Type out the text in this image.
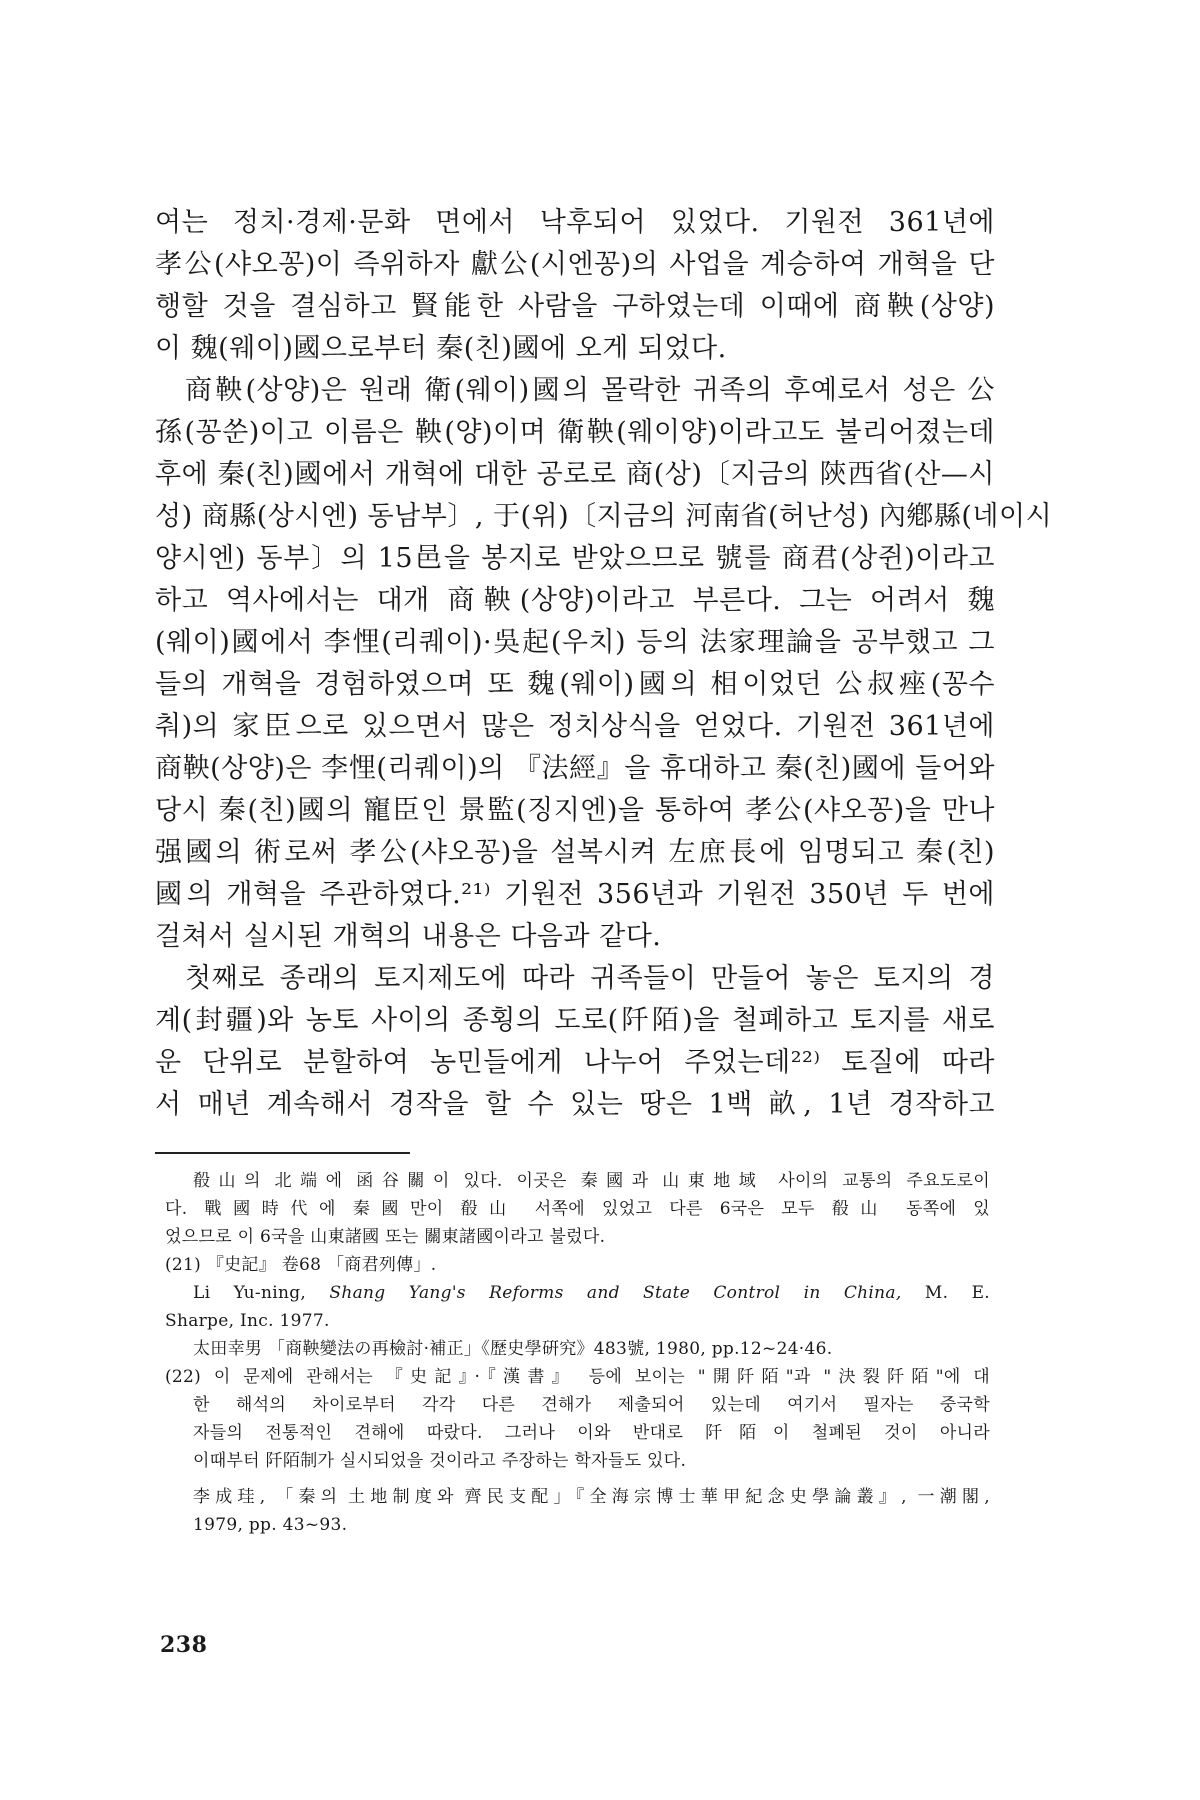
여는 정치·경제·문화 면에서 낙후되어 있었다. 기원전 361년에
孝公(샤오꽁)이 즉위하자 獻公(시엔꽁)의 사업을 계승하여 개혁을 단
행할 것을 결심하고 賢能한 사람을 구하였는데 이때에 商鞅(상양)
이 魏(웨이)國으로부터 秦(친)國에 오게 되었다.
商鞅(상양)은 원래 衛(웨이)國의 몰락한 귀족의 후예로서 성은 公
孫(꽁쑨)이고 이름은 鞅(양)이며 衛鞅(웨이양)이라고도 불리어졌는데
후에 秦(친)國에서 개혁에 대한 공로로 商(상)〔지금의 陝西省(산—시
성) 商縣(상시엔) 동남부〕, 于(위)〔지금의 河南省(허난성) 內鄕縣(네이시
양시엔) 동부〕의 15邑을 봉지로 받았으므로 號를 商君(상쥔)이라고
하고 역사에서는 대개 商鞅(상양)이라고 부른다. 그는 어려서 魏
(웨이)國에서 李悝(리퀘이)·吳起(우치) 등의 法家理論을 공부했고 그
들의 개혁을 경험하였으며 또 魏(웨이)國의 相이었던 公叔痤(꽁수
춰)의 家臣으로 있으면서 많은 정치상식을 얻었다. 기원전 361년에
商鞅(상양)은 李悝(리퀘이)의 『法經』을 휴대하고 秦(친)國에 들어와
당시 秦(친)國의 寵臣인 景監(징지엔)을 통하여 孝公(샤오꽁)을 만나
强國의 術로써 孝公(샤오꽁)을 설복시켜 左庶長에 임명되고 秦(친)
國의 개혁을 주관하였다.²¹⁾ 기원전 356년과 기원전 350년 두 번에
걸쳐서 실시된 개혁의 내용은 다음과 같다.
첫째로 종래의 토지제도에 따라 귀족들이 만들어 놓은 토지의 경
계(封疆)와 농토 사이의 종횡의 도로(阡陌)을 철폐하고 토지를 새로
운 단위로 분할하여 농민들에게 나누어 주었는데²²⁾ 토질에 따라
서 매년 계속해서 경작을 할 수 있는 땅은 1백 畝, 1년 경작하고
殽山의 北端에 函谷關이 있다. 이곳은 秦國과 山東地域 사이의 교통의 주요도로이
다. 戰國時代에 秦國만이 殽山 서쪽에 있었고 다른 6국은 모두 殽山 동쪽에 있
었으므로 이 6국을 山東諸國 또는 關東諸國이라고 불렀다.
(21) 『史記』 卷68 「商君列傳」.
Li Yu-ning, Shang Yang's Reforms and State Control in China, M. E.
Sharpe, Inc. 1977.
太田幸男 「商鞅變法の再檢討·補正」《歷史學硏究》483號, 1980, pp.12~24·46.
(22) 이 문제에 관해서는 『史記』·『漢書』 등에 보이는 "開阡陌"과 "決裂阡陌"에 대
한 해석의 차이로부터 각각 다른 견해가 제출되어 있는데 여기서 필자는 중국학
자들의 전통적인 견해에 따랐다. 그러나 이와 반대로 阡陌이 철폐된 것이 아니라
이때부터 阡陌制가 실시되었을 것이라고 주장하는 학자들도 있다.
李成珪, 「秦의 土地制度와 齊民支配」『全海宗博士華甲紀念史學論叢』, 一潮閣,
1979, pp. 43~93.
238
